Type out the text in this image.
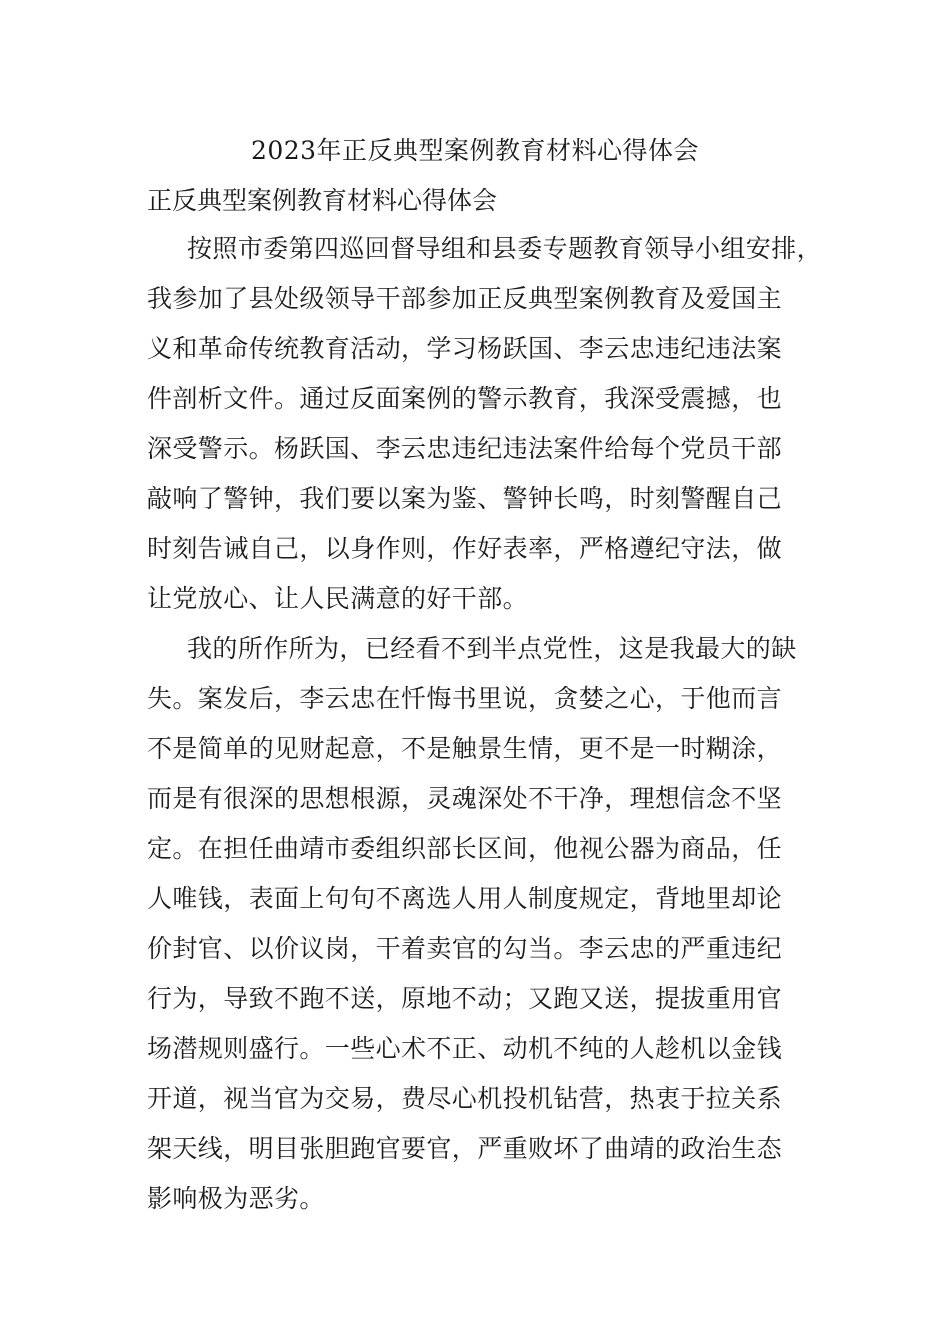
2023年正反典型案例教育材料心得体会
正反典型案例教育材料心得体会
按照市委第四巡回督导组和县委专题教育领导小组安排，
我参加了县处级领导干部参加正反典型案例教育及爱国主
义和革命传统教育活动，学习杨跃国、李云忠违纪违法案
件剖析文件。通过反面案例的警示教育，我深受震撼，也
深受警示。杨跃国、李云忠违纪违法案件给每个党员干部
敲响了警钟，我们要以案为鉴、警钟长鸣，时刻警醒自己
时刻告诫自己，以身作则，作好表率，严格遵纪守法，做
让党放心、让人民满意的好干部。
我的所作所为，已经看不到半点党性，这是我最大的缺
失。案发后，李云忠在忏悔书里说，贪婪之心，于他而言
不是简单的见财起意，不是触景生情，更不是一时糊涂，
而是有很深的思想根源，灵魂深处不干净，理想信念不坚
定。在担任曲靖市委组织部长区间，他视公器为商品，任
人唯钱，表面上句句不离选人用人制度规定，背地里却论
价封官、以价议岗，干着卖官的勾当。李云忠的严重违纪
行为，导致不跑不送，原地不动；又跑又送，提拔重用官
场潜规则盛行。一些心术不正、动机不纯的人趁机以金钱
开道，视当官为交易，费尽心机投机钻营，热衷于拉关系
架天线，明目张胆跑官要官，严重败坏了曲靖的政治生态
影响极为恶劣。
